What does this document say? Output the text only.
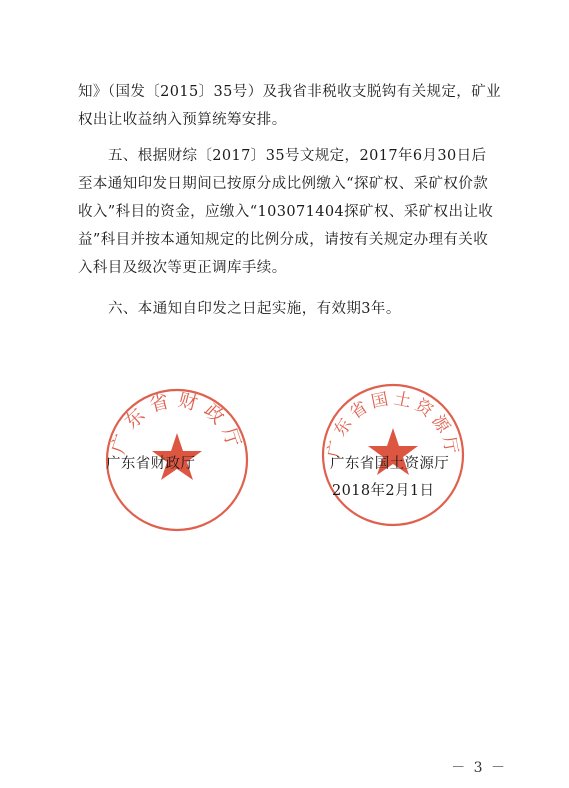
知》（国发〔2015〕35号）及我省非税收支脱钩有关规定，矿业
权出让收益纳入预算统筹安排。

五、根据财综〔2017〕35号文规定，2017年6月30日后
至本通知印发日期间已按原分成比例缴入“探矿权、采矿权价款
收入”科目的资金，应缴入“103071404探矿权、采矿权出让收
益”科目并按本通知规定的比例分成，请按有关规定办理有关收
入科目及级次等更正调库手续。

六、本通知自印发之日起实施，有效期3年。

广东省财政厅	广东省国土资源厅
广东省财政厅	广东省国土资源厅
2018年2月1日
－ 3 －
